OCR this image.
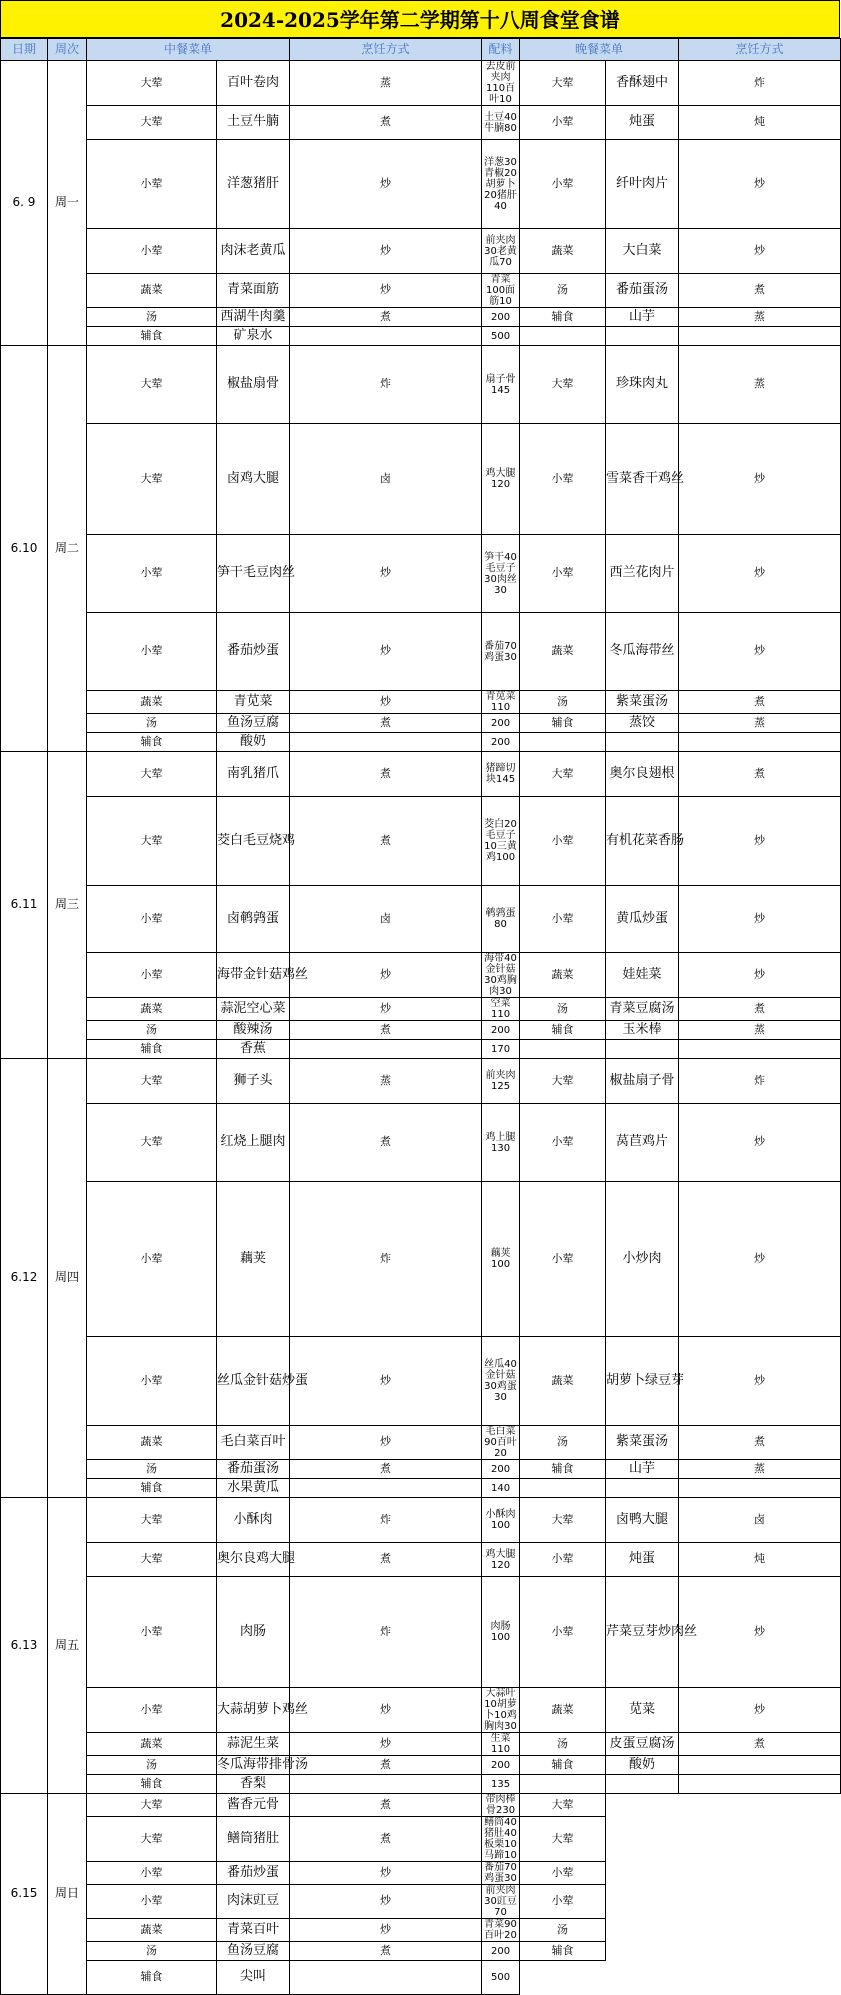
2024-2025学年第二学期第十八周食堂食谱
日期	周次	中餐菜单		烹饪方式	配料	晚餐菜单		烹饪方式	
6. 9	周一	大荤	百叶卷肉	蒸	去皮前夹肉110百叶10	大荤	香酥翅中	炸	
		大荤	土豆牛腩	煮	土豆40牛腩80	小荤	炖蛋	炖	
		小荤	洋葱猪肝	炒	洋葱30青椒20胡萝卜20猪肝40	小荤	纤叶肉片	炒	
		小荤	肉沫老黄瓜	炒	前夹肉30老黄瓜70	蔬菜	大白菜	炒	
		蔬菜	青菜面筋	炒	青菜100面筋10	汤	番茄蛋汤	煮	
		汤	西湖牛肉羹	煮	200	辅食	山芋	蒸	
		辅食	矿泉水		500				
6.10	周二	大荤	椒盐扇骨	炸	扇子骨145	大荤	珍珠肉丸	蒸	
		大荤	卤鸡大腿	卤	鸡大腿120	小荤	雪菜香干鸡丝	炒	
		小荤	笋干毛豆肉丝	炒	笋干40毛豆子30肉丝30	小荤	西兰花肉片	炒	
		小荤	番茄炒蛋	炒	番茄70鸡蛋30	蔬菜	冬瓜海带丝	炒	
		蔬菜	青苋菜	炒	青苋菜110	汤	紫菜蛋汤	煮	
		汤	鱼汤豆腐	煮	200	辅食	蒸饺	蒸	
		辅食	酸奶		200				
6.11	周三	大荤	南乳猪爪	煮	猪蹄切块145	大荤	奥尔良翅根	煮	
		大荤	茭白毛豆烧鸡	煮	茭白20毛豆子10三黄鸡100	小荤	有机花菜香肠	炒	
		小荤	卤鹌鹑蛋	卤	鹌鹑蛋80	小荤	黄瓜炒蛋	炒	
		小荤	海带金针菇鸡丝	炒	海带40金针菇30鸡胸肉30	蔬菜	娃娃菜	炒	
		蔬菜	蒜泥空心菜	炒	空菜110	汤	青菜豆腐汤	煮	
		汤	酸辣汤	煮	200	辅食	玉米棒	蒸	
		辅食	香蕉		170				
6.12	周四	大荤	狮子头	蒸	前夹肉125	大荤	椒盐扇子骨	炸	
		大荤	红烧上腿肉	煮	鸡上腿130	小荤	莴苣鸡片	炒	
		小荤	藕荚	炸	藕荚100	小荤	小炒肉	炒	
		小荤	丝瓜金针菇炒蛋	炒	丝瓜40金针菇30鸡蛋30	蔬菜	胡萝卜绿豆芽	炒	
		蔬菜	毛白菜百叶	炒	毛白菜90百叶20	汤	紫菜蛋汤	煮	
		汤	番茄蛋汤	煮	200	辅食	山芋	蒸	
		辅食	水果黄瓜		140				
6.13	周五	大荤	小酥肉	炸	小酥肉100	大荤	卤鸭大腿	卤	
		大荤	奥尔良鸡大腿	煮	鸡大腿120	小荤	炖蛋	炖	
		小荤	肉肠	炸	肉肠100	小荤	芹菜豆芽炒肉丝	炒	
		小荤	大蒜胡萝卜鸡丝	炒	大蒜叶10胡萝卜10鸡胸肉30	蔬菜	苋菜	炒	
		蔬菜	蒜泥生菜	炒	生菜110	汤	皮蛋豆腐汤	煮	
		汤	冬瓜海带排骨汤	煮	200	辅食	酸奶		
		辅食	香梨		135				
6.15	周日	大荤	酱香元骨	煮	带肉棒骨230	大荤			
		大荤	鳝筒猪肚	煮	鳝筒40猪肚40板栗10马蹄10	大荤			
		小荤	番茄炒蛋	炒	番茄70鸡蛋30	小荤			
		小荤	肉沫豇豆	炒	前夹肉30豇豆70	小荤			
		蔬菜	青菜百叶	炒	青菜90百叶20	汤			
		汤	鱼汤豆腐	煮	200	辅食			
		辅食	尖叫		500				
